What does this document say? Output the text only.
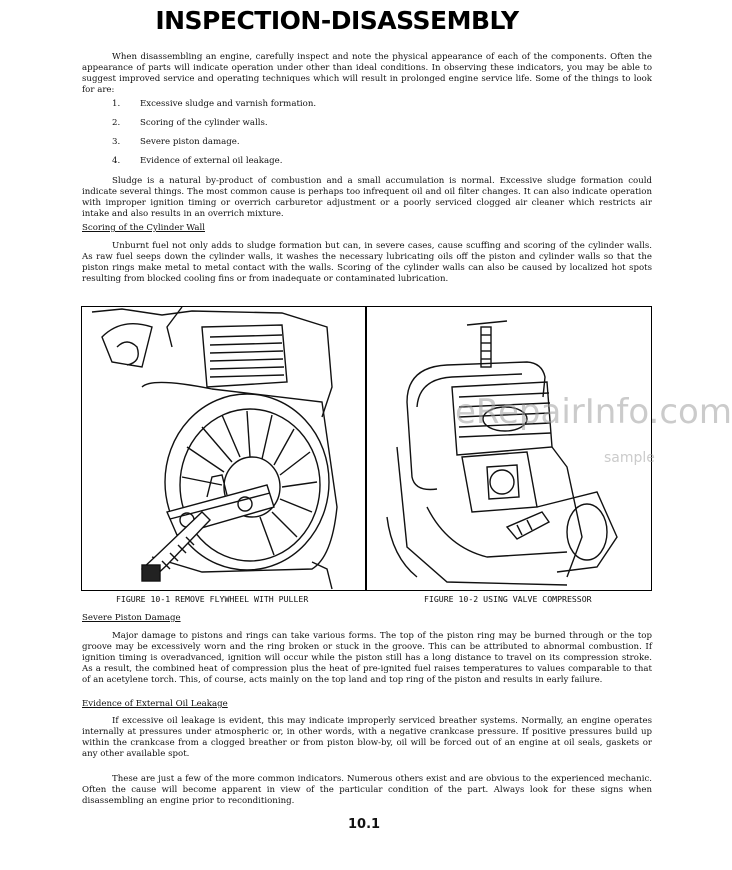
INSPECTION-DISASSEMBLY
When disassembling an engine, carefully inspect and note the physical appearance of each of the components. Often the appearance of parts will indicate operation under other than ideal conditions. In observing these indicators, you may be able to suggest improved service and operating techniques which will result in prolonged engine service life. Some of the things to look for are:
1. Excessive sludge and varnish formation.
2. Scoring of the cylinder walls.
3. Severe piston damage.
4. Evidence of external oil leakage.
Sludge is a natural by-product of combustion and a small accumulation is normal. Excessive sludge formation could indicate several things. The most common cause is perhaps too infrequent oil and oil filter changes. It can also indicate operation with improper ignition timing or overrich carburetor adjustment or a poorly serviced clogged air cleaner which restricts air intake and also results in an overrich mixture.
Scoring of the Cylinder Wall
Unburnt fuel not only adds to sludge formation but can, in severe cases, cause scuffing and scoring of the cylinder walls. As raw fuel seeps down the cylinder walls, it washes the necessary lubricating oils off the piston and cylinder walls so that the piston rings make metal to metal contact with the walls. Scoring of the cylinder walls can also be caused by localized hot spots resulting from blocked cooling fins or from inadequate or contaminated lubrication.
eRepairInfo.com
sample
FIGURE 10-1 REMOVE FLYWHEEL WITH PULLER	FIGURE 10-2 USING VALVE COMPRESSOR
Severe Piston Damage
Major damage to pistons and rings can take various forms. The top of the piston ring may be burned through or the top groove may be excessively worn and the ring broken or stuck in the groove. This can be attributed to abnormal combustion. If ignition timing is overadvanced, ignition will occur while the piston still has a long distance to travel on its compression stroke. As a result, the combined heat of compression plus the heat of pre-ignited fuel raises temperatures to values comparable to that of an acetylene torch. This, of course, acts mainly on the top land and top ring of the piston and results in early failure.
Evidence of External Oil Leakage
If excessive oil leakage is evident, this may indicate improperly serviced breather systems. Normally, an engine operates internally at pressures under atmospheric or, in other words, with a negative crankcase pressure. If positive pressures build up within the crankcase from a clogged breather or from piston blow-by, oil will be forced out of an engine at oil seals, gaskets or any other available spot.
These are just a few of the more common indicators. Numerous others exist and are obvious to the experienced mechanic. Often the cause will become apparent in view of the particular condition of the part. Always look for these signs when disassembling an engine prior to reconditioning.
10.1
